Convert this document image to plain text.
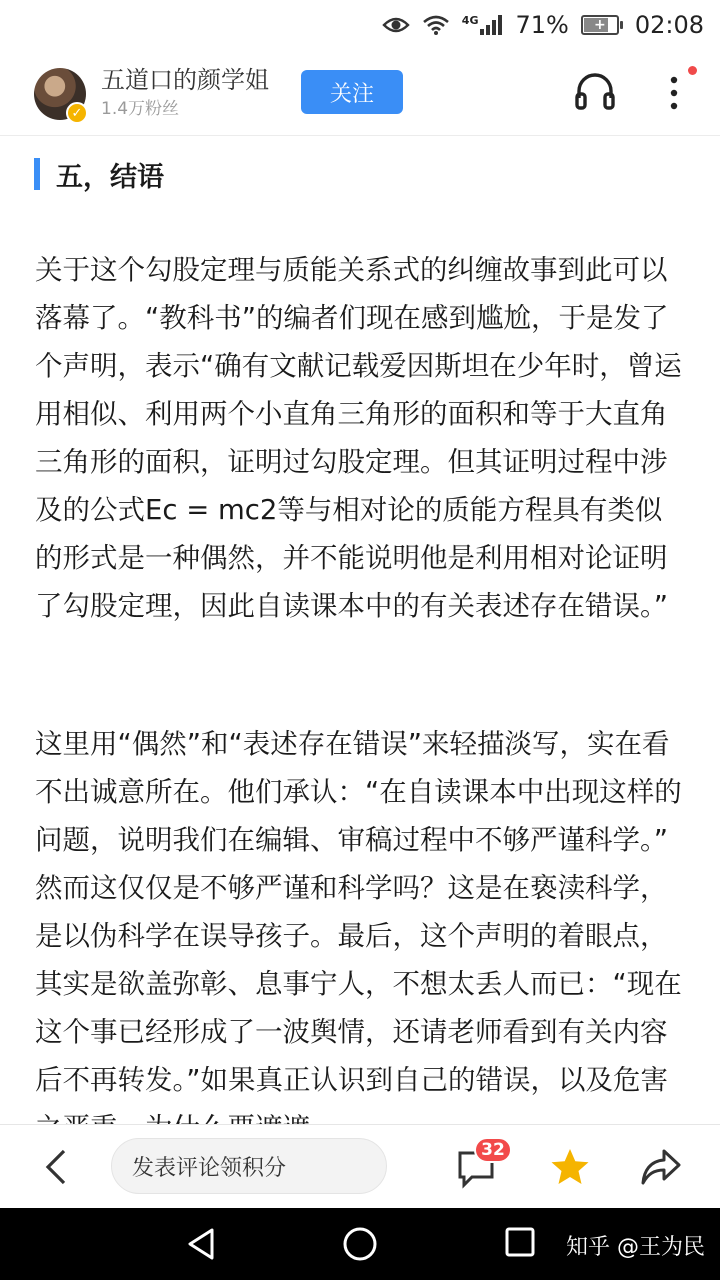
4G 71% + 02:08
✓
五道口的颜学姐
1.4万粉丝
关注
五，结语

关于这个勾股定理与质能关系式的纠缠故事到此可以落幕了。“教科书”的编者们现在感到尴尬，于是发了个声明，表示“确有文献记载爱因斯坦在少年时，曾运用相似、利用两个小直角三角形的面积和等于大直角三角形的面积，证明过勾股定理。但其证明过程中涉及的公式Ec = mc2等与相对论的质能方程具有类似的形式是一种偶然，并不能说明他是利用相对论证明了勾股定理，因此自读课本中的有关表述存在错误。”

这里用“偶然”和“表述存在错误”来轻描淡写，实在看不出诚意所在。他们承认：“在自读课本中出现这样的问题，说明我们在编辑、审稿过程中不够严谨科学。” 然而这仅仅是不够严谨和科学吗？这是在亵渎科学，是以伪科学在误导孩子。最后，这个声明的着眼点， 其实是欲盖弥彰、息事宁人，不想太丢人而已：“现在这个事已经形成了一波舆情，还请老师看到有关内容后不再转发。”如果真正认识到自己的错误，以及危害

发表评论领积分
32
知乎 @王为民
